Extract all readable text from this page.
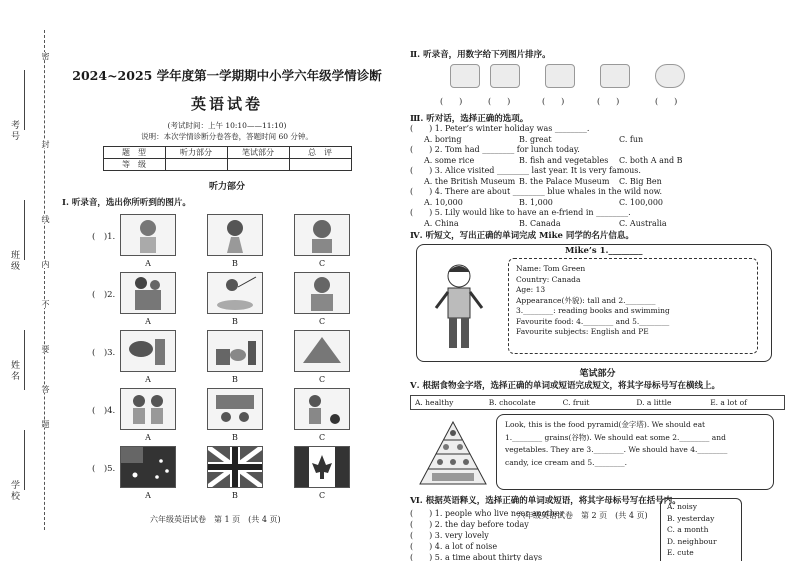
考号
班级
姓名
学校
密
封
线
内
不
要
答
题
2024~2025 学年度第一学期期中小学六年级学情诊断
英语试卷
(考试时间：上午 10:10——11:10)
说明：本次学情诊断分卷答卷，答题时间 60 分钟。
题　型	听力部分	笔试部分	总　评
等　级			
听力部分
Ⅰ. 听录音，选出你所听到的图片。
(　)1.
A	B	C
(　)2.
A	B	C
(　)3.
A	B	C
(　)4.
A	B	C
(　)5.
A	B	C
六年级英语试卷　第 1 页　(共 4 页)
Ⅱ. 听录音，用数字给下列图片排序。
(　　)	(　　)	(　　)	(　　)	(　　)
Ⅲ. 听对话，选择正确的选项。
(　　) 1. Peter’s winter holiday was ________.
A. boring	B. great	C. fun
(　　) 2. Tom had ________ for lunch today.
A. some rice	B. fish and vegetables	C. both A and B
(　　) 3. Alice visited ________ last year. It is very famous.
A. the British Museum B. the Palace Museum	C. Big Ben
(　　) 4. There are about ________ blue whales in the wild now.
A. 10,000	B. 1,000	C. 100,000
(　　) 5. Lily would like to have an e-friend in ________.
A. China	B. Canada	C. Australia
Ⅳ. 听短文，写出正确的单词完成 Mike 同学的名片信息。
Mike’s 1.________
Name: Tom Green
Country: Canada
Age: 13
Appearance(外貌): tall and 2.________
3.________: reading books and swimming
Favourite food: 4.________ and 5.________
Favourite subjects: English and PE
笔试部分
Ⅴ. 根据食物金字塔，选择正确的单词或短语完成短文，将其字母标号写在横线上。
A. healthy	B. chocolate	C. fruit	D. a little	E. a lot of
Look, this is the food pyramid(金字塔). We should eat
1.________ grains(谷物). We should eat some 2.________ and
vegetables. They are 3.________. We should have 4.________
candy, ice cream and 5.________.
Ⅵ. 根据英语释义，选择正确的单词或短语，将其字母标号写在括号内。
(　　) 1. people who live near another
(　　) 2. the day before today
(　　) 3. very lovely
(　　) 4. a lot of noise
(　　) 5. a time about thirty days
A. noisy
B. yesterday
C. a month
D. neighbour
E. cute
六年级英语试卷　第 2 页　(共 4 页)
